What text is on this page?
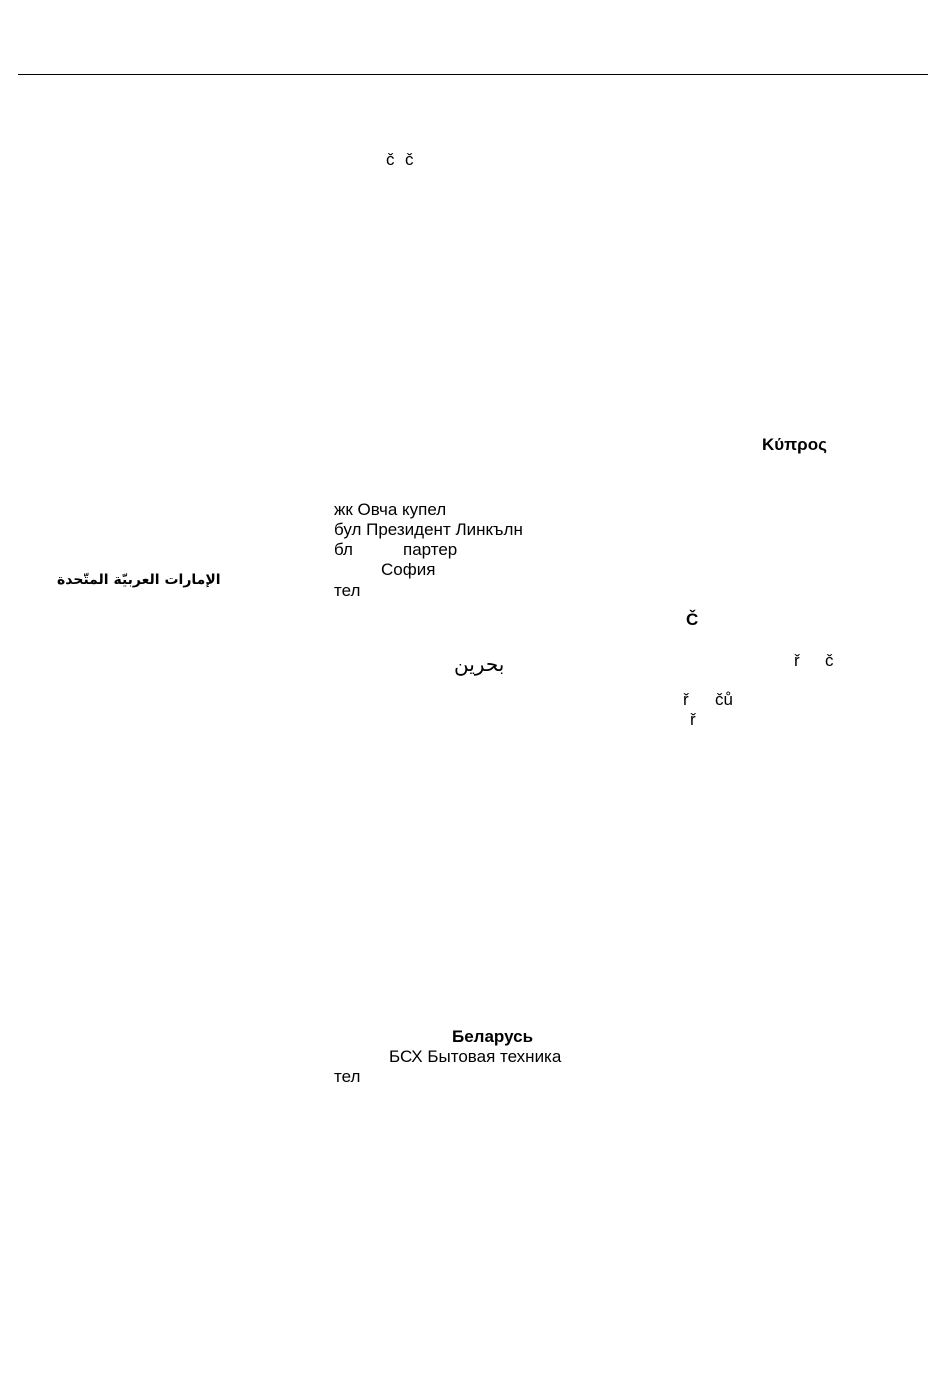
č č
Κύπρος
الإمارات العربيّة المتّحدة
жк Овча купел
бул Президент Линкълн
бл	партер
София
тел
بحرين
Č
ř č
ř čů
ř
Беларусь
БСХ Бытовая техника
тел
